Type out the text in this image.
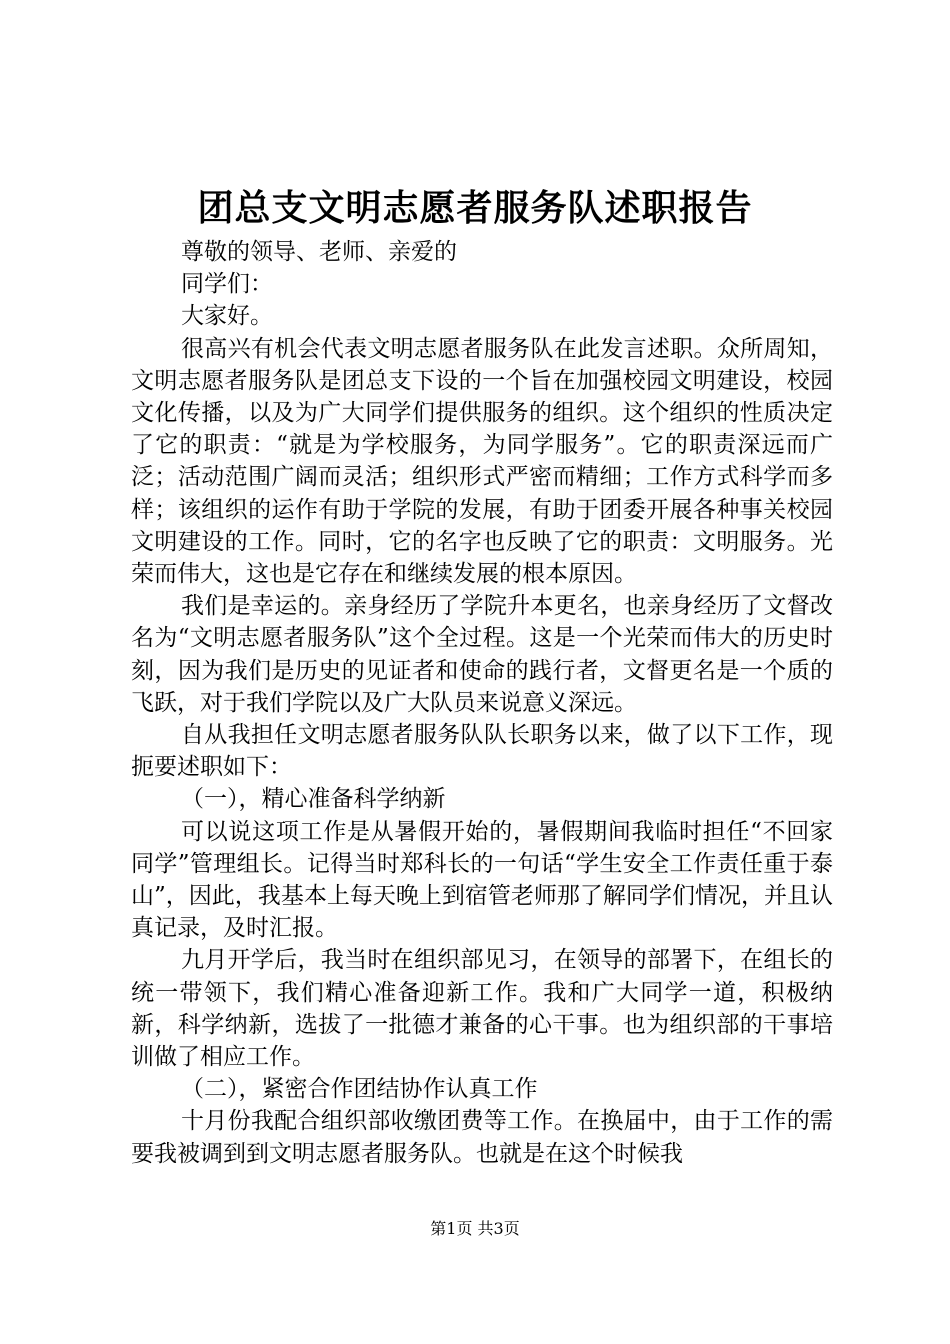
团总支文明志愿者服务队述职报告

尊敬的领导、老师、亲爱的

同学们：

大家好。

很高兴有机会代表文明志愿者服务队在此发言述职。众所周知，文明志愿者服务队是团总支下设的一个旨在加强校园文明建设，校园文化传播，以及为广大同学们提供服务的组织。这个组织的性质决定了它的职责：“就是为学校服务，为同学服务”。它的职责深远而广泛；活动范围广阔而灵活；组织形式严密而精细；工作方式科学而多样；该组织的运作有助于学院的发展，有助于团委开展各种事关校园文明建设的工作。同时，它的名字也反映了它的职责：文明服务。光荣而伟大，这也是它存在和继续发展的根本原因。

我们是幸运的。亲身经历了学院升本更名，也亲身经历了文督改名为“文明志愿者服务队”这个全过程。这是一个光荣而伟大的历史时刻，因为我们是历史的见证者和使命的践行者，文督更名是一个质的飞跃，对于我们学院以及广大队员来说意义深远。

自从我担任文明志愿者服务队队长职务以来，做了以下工作，现扼要述职如下：

（一），精心准备科学纳新

可以说这项工作是从暑假开始的，暑假期间我临时担任“不回家同学”管理组长。记得当时郑科长的一句话“学生安全工作责任重于泰山”，因此，我基本上每天晚上到宿管老师那了解同学们情况，并且认真记录，及时汇报。

九月开学后，我当时在组织部见习，在领导的部署下，在组长的统一带领下，我们精心准备迎新工作。我和广大同学一道，积极纳新，科学纳新，选拔了一批德才兼备的心干事。也为组织部的干事培训做了相应工作。

（二），紧密合作团结协作认真工作

十月份我配合组织部收缴团费等工作。在换届中，由于工作的需要我被调到到文明志愿者服务队。也就是在这个时候我

第1页 共3页
